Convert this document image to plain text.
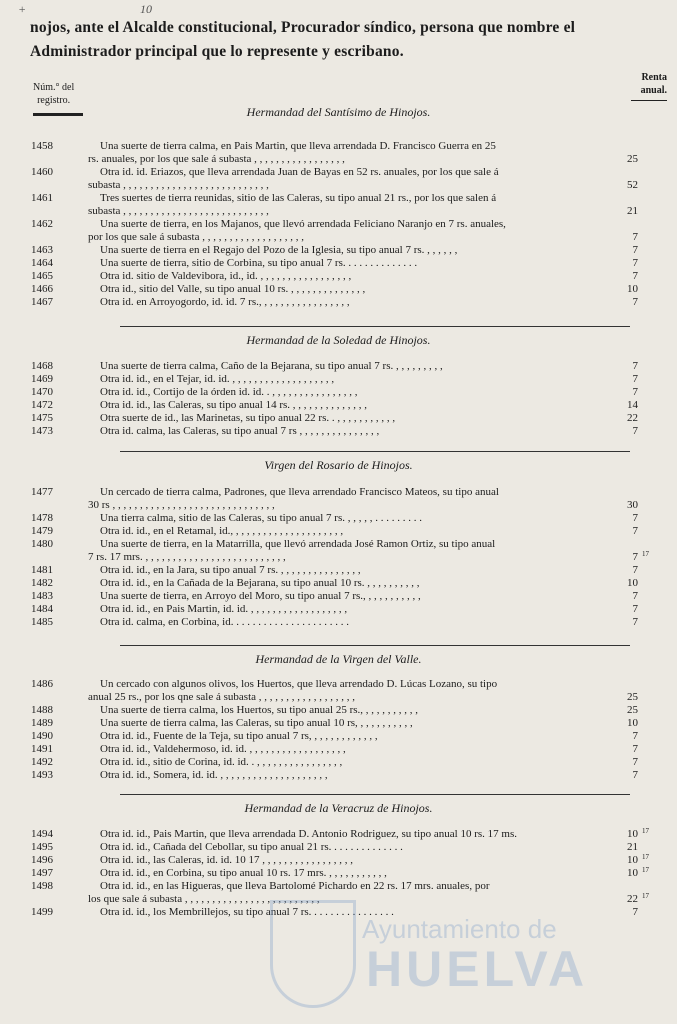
+	10
nojos, ante el Alcalde constitucional, Procurador síndico, persona que nombre el
Administrador principal que lo represente y escribano.
Núm.° del
registro.
Renta
anual.
Hermandad del Santísimo de Hinojos.
1458	Una suerte de tierra calma, en Pais Martin, que lleva arrendada D. Francisco Guerra en 25
rs. anuales, por los que sale á subasta , , , , , , , , , , , , , , , , ,	25
1460	Otra id. id. Eriazos, que lleva arrendada Juan de Bayas en 52 rs. anuales, por los que sale á
subasta , , , , , , , , , , , , , , , , , , , , , , , , , , ,	52
1461	Tres suertes de tierra reunidas, sitio de las Caleras, su tipo anual 21 rs., por los que salen á
subasta , , , , , , , , , , , , , , , , , , , , , , , , , , ,	21
1462	Una suerte de tierra, en los Majanos, que llevó arrendada Feliciano Naranjo en 7 rs. anuales,
por los que sale á subasta , , , , , , , , , , , , , , , , , , ,	7
1463	Una suerte de tierra en el Regajo del Pozo de la Iglesia, su tipo anual 7 rs. , , , , , ,	7
1464	Una suerte de tierra, sitio de Corbina, su tipo anual 7 rs. . . . . . . . . . . . . .	7
1465	Otra id. sitio de Valdevibora, id., id. , , , , , , , , , , , , , , , , ,	7
1466	Otra id., sitio del Valle, su tipo anual 10 rs. , , , , , , , , , , , , , ,	10
1467	Otra id. en Arroyogordo, id. id. 7 rs., , , , , , , , , , , , , , , , ,	7
Hermandad de la Soledad de Hinojos.
1468	Una suerte de tierra calma, Caño de la Bejarana, su tipo anual 7 rs. , , , , , , , , ,	7
1469	Otra id. id., en el Tejar, id. id. , , , , , , , , , , , , , , , , , , ,	7
1470	Otra id. id., Cortijo de la órden id. id. . , , , , , , , , , , , , , , , ,	7
1472	Otra id. id., las Caleras, su tipo anual 14 rs. , , , , , , , , , , , , , ,	14
1475	Otra suerte de id., las Marinetas, su tipo anual 22 rs. . , , , , , , , , , , ,	22
1473	Otra id. calma, las Caleras, su tipo anual 7 rs , , , , , , , , , , , , , , ,	7
Virgen del Rosario de Hinojos.
1477	Un cercado de tierra calma, Padrones, que lleva arrendado Francisco Mateos, su tipo anual
30 rs , , , , , , , , , , , , , , , , , , , , , , , , , , , , , ,	30
1478	Una tierra calma, sitio de las Caleras, su tipo anual 7 rs. , , , , , . . . . . . . . .	7
1479	Otra id. id., en el Retamal, id., , , , , , , , , , , , , , , , , , , , ,	7
1480	Una suerte de tierra, en la Matarrilla, que llevó arrendada José Ramon Ortiz, su tipo anual
7 rs. 17 mrs. , , , , , , , , , , , , , , , , , , , , , , , , , ,	7 17
1481	Otra id. id., en la Jara, su tipo anual 7 rs. , , , , , , , , , , , , , , ,	7
1482	Otra id. id., en la Cañada de la Bejarana, su tipo anual 10 rs. , , , , , , , , , ,	10
1483	Una suerte de tierra, en Arroyo del Moro, su tipo anual 7 rs., , , , , , , , , , ,	7
1484	Otra id. id., en Pais Martin, id. id. , , , , , , , , , , , , , , , , , ,	7
1485	Otra id. calma, en Corbina, id. . . . . . . . . . . . . . . . . . . . . .	7
Hermandad de la Virgen del Valle.
1486	Un cercado con algunos olivos, los Huertos, que lleva arrendado D. Lúcas Lozano, su tipo
anual 25 rs., por los qne sale á subasta , , , , , , , , , , , , , , , , , ,	25
1488	Una suerte de tierra calma, los Huertos, su tipo anual 25 rs., , , , , , , , , , ,	25
1489	Una suerte de tierra calma, las Caleras, su tipo anual 10 rs, , , , , , , , , , ,	10
1490	Otra id. id., Fuente de la Teja, su tipo anual 7 rs, , , , , , , , , , , , ,	7
1491	Otra id. id., Valdehermoso, id. id. , , , , , , , , , , , , , , , , , ,	7
1492	Otra id. id., sitio de Corina, id. id. . , , , , , , , , , , , , , , , ,	7
1493	Otra id. id., Somera, id. id. , , , , , , , , , , , , , , , , , , , ,	7
Hermandad de la Veracruz de Hinojos.
1494	Otra id. id., Pais Martin, que lleva arrendada D. Antonio Rodriguez, su tipo anual 10 rs. 17 ms.	10 17
1495	Otra id. id., Cañada del Cebollar, su tipo anual 21 rs. . . . . . . . . . . . . .	21
1496	Otra id. id., las Caleras, id. id. 10 17 , , , , , , , , , , , , , , , , ,	10 17
1497	Otra id. id., en Corbina, su tipo anual 10 rs. 17 mrs. , , , , , , , , , , ,	10 17
1498	Otra id. id., en las Higueras, que lleva Bartolomé Pichardo en 22 rs. 17 mrs. anuales, por
los que sale á subasta , , , , , , , , , , , , , , , , , , , , , , , , ,	22 17
1499	Otra id. id., los Membrillejos, su tipo anual 7 rs. . . . . . . . . . . . . . . .	7
Ayuntamiento de
HUELVA
